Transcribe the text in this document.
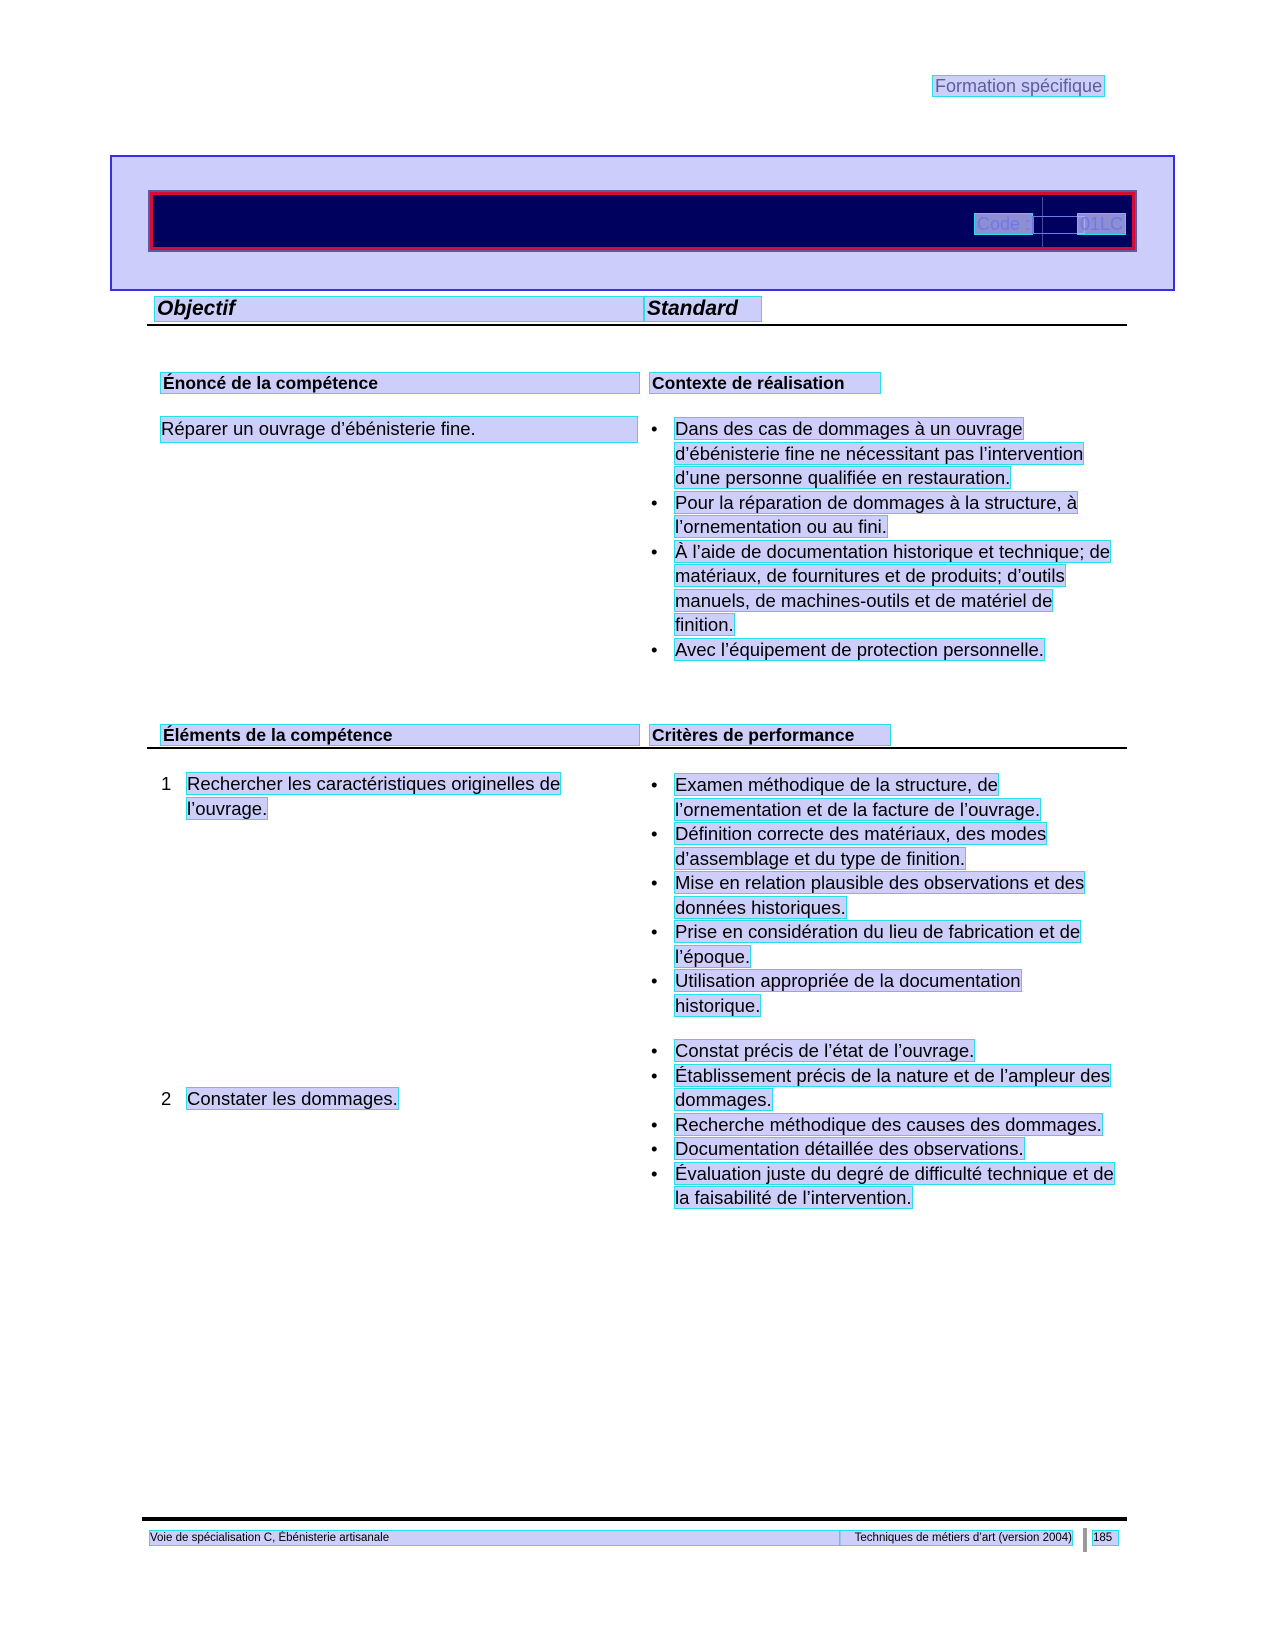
Formation spécifique
Code :	01LC
Objectif	Standard
Énoncé de la compétence	Contexte de réalisation
Réparer un ouvrage d’ébénisterie fine.	• Dans des cas de dommages à un ouvrage d’ébénisterie fine ne nécessitant pas l’intervention d’une personne qualifiée en restauration.
• Pour la réparation de dommages à la structure, à l’ornementation ou au fini.
• À l’aide de documentation historique et technique; de matériaux, de fournitures et de produits; d’outils manuels, de machines-outils et de matériel de finition.
• Avec l’équipement de protection personnelle.
Éléments de la compétence	Critères de performance
1 Rechercher les caractéristiques originelles de l’ouvrage.
• Examen méthodique de la structure, de l’ornementation et de la facture de l’ouvrage.
• Définition correcte des matériaux, des modes d’assemblage et du type de finition.
• Mise en relation plausible des observations et des données historiques.
• Prise en considération du lieu de fabrication et de l’époque.
• Utilisation appropriée de la documentation historique.
2 Constater les dommages.
• Constat précis de l’état de l’ouvrage.
• Établissement précis de la nature et de l’ampleur des dommages.
• Recherche méthodique des causes des dommages.
• Documentation détaillée des observations.
• Évaluation juste du degré de difficulté technique et de la faisabilité de l’intervention.
Voie de spécialisation C, Ébénisterie artisanale	Techniques de métiers d’art (version 2004) 185
